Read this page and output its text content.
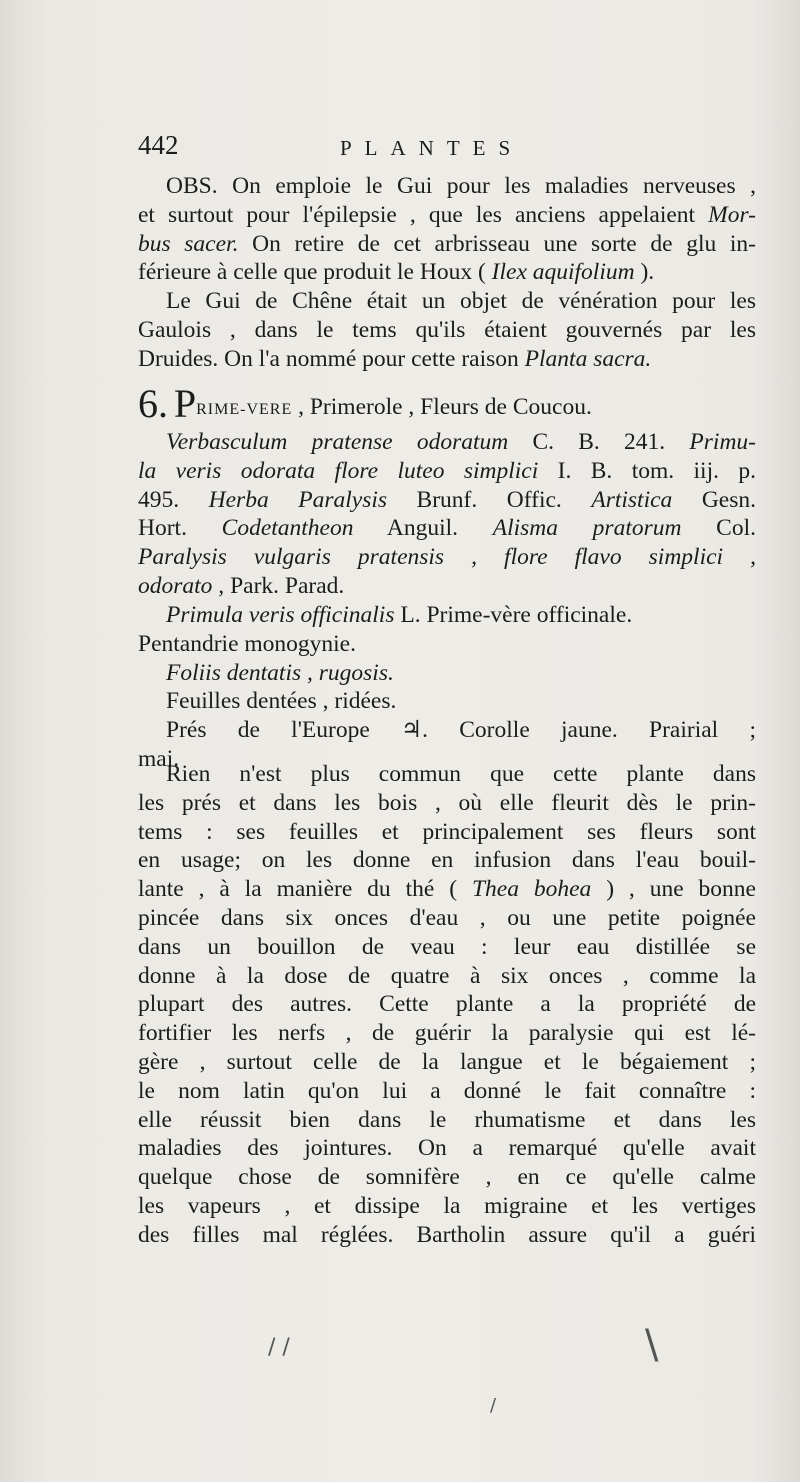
442	PLANTES
OBS. On emploie le Gui pour les maladies nerveuses ,
et surtout pour l'épilepsie , que les anciens appelaient Mor-
bus sacer. On retire de cet arbrisseau une sorte de glu in-
férieure à celle que produit le Houx ( Ilex aquifolium ).
Le Gui de Chêne était un objet de vénération pour les
Gaulois , dans le tems qu'ils étaient gouvernés par les
Druides. On l'a nommé pour cette raison Planta sacra.
6. PRIME-VERE , Primerole , Fleurs de Coucou.
Verbasculum pratense odoratum C. B. 241. Primu-
la veris odorata flore luteo simplici I. B. tom. iij. p.
495. Herba Paralysis Brunf. Offic. Artistica Gesn.
Hort. Codetantheon Anguil. Alisma pratorum Col.
Paralysis vulgaris pratensis , flore flavo simplici ,
odorato , Park. Parad.
Primula veris officinalis L. Prime-vère officinale.
Pentandrie monogynie.
Foliis dentatis , rugosis.
Feuilles dentées , ridées.
Prés de l'Europe ♃. Corolle jaune. Prairial ;
mai.
Rien n'est plus commun que cette plante dans
les prés et dans les bois , où elle fleurit dès le prin-
tems : ses feuilles et principalement ses fleurs sont
en usage; on les donne en infusion dans l'eau bouil-
lante , à la manière du thé ( Thea bohea ) , une bonne
pincée dans six onces d'eau , ou une petite poignée
dans un bouillon de veau : leur eau distillée se
donne à la dose de quatre à six onces , comme la
plupart des autres. Cette plante a la propriété de
fortifier les nerfs , de guérir la paralysie qui est lé-
gère , surtout celle de la langue et le bégaiement ;
le nom latin qu'on lui a donné le fait connaître :
elle réussit bien dans le rhumatisme et dans les
maladies des jointures. On a remarqué qu'elle avait
quelque chose de somnifère , en ce qu'elle calme
les vapeurs , et dissipe la migraine et les vertiges
des filles mal réglées. Bartholin assure qu'il a guéri
/ /	\
/
